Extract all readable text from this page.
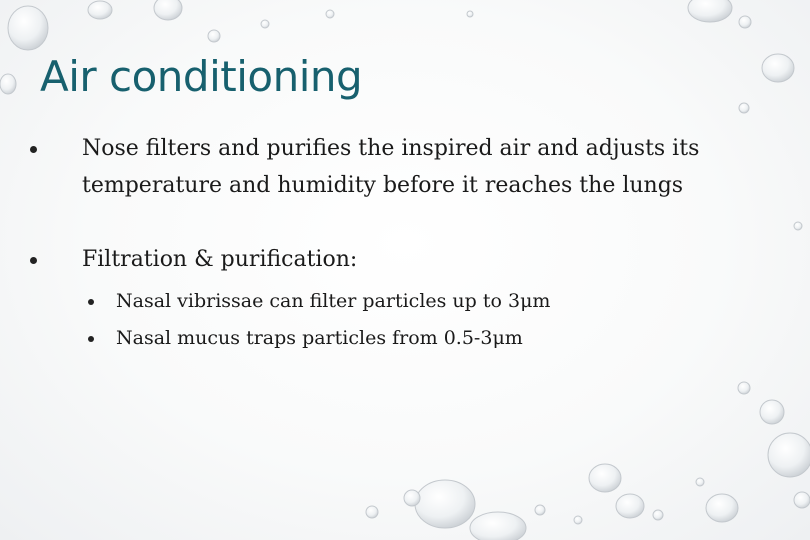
Air conditioning
Nose filters and purifies the inspired air and adjusts its temperature and humidity before it reaches the lungs
Filtration & purification:
Nasal vibrissae can filter particles up to 3μm
Nasal mucus traps particles from 0.5-3μm
